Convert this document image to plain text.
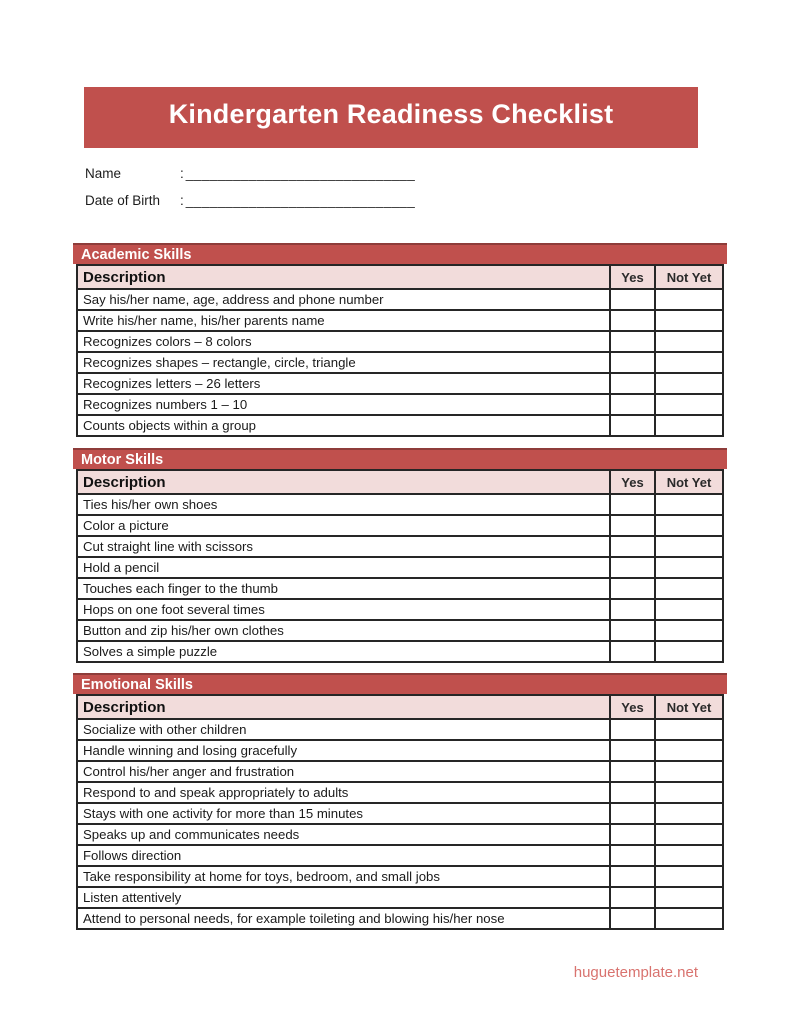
Kindergarten Readiness Checklist
Name	: _____________________________
Date of Birth	: _____________________________
Academic Skills
Description	Yes	Not Yet
Say his/her name, age, address and phone number		
Write his/her name, his/her parents name		
Recognizes colors – 8 colors		
Recognizes shapes – rectangle, circle, triangle		
Recognizes letters – 26 letters		
Recognizes numbers 1 – 10		
Counts objects within a group		
Motor Skills
Description	Yes	Not Yet
Ties his/her own shoes		
Color a picture		
Cut straight line with scissors		
Hold a pencil		
Touches each finger to the thumb		
Hops on one foot several times		
Button and zip his/her own clothes		
Solves a simple puzzle		
Emotional Skills
Description	Yes	Not Yet
Socialize with other children		
Handle winning and losing gracefully		
Control his/her anger and frustration		
Respond to and speak appropriately to adults		
Stays with one activity for more than 15 minutes		
Speaks up and communicates needs		
Follows direction		
Take responsibility at home for toys, bedroom, and small jobs		
Listen attentively		
Attend to personal needs, for example toileting and blowing his/her nose		
huguetemplate.net
